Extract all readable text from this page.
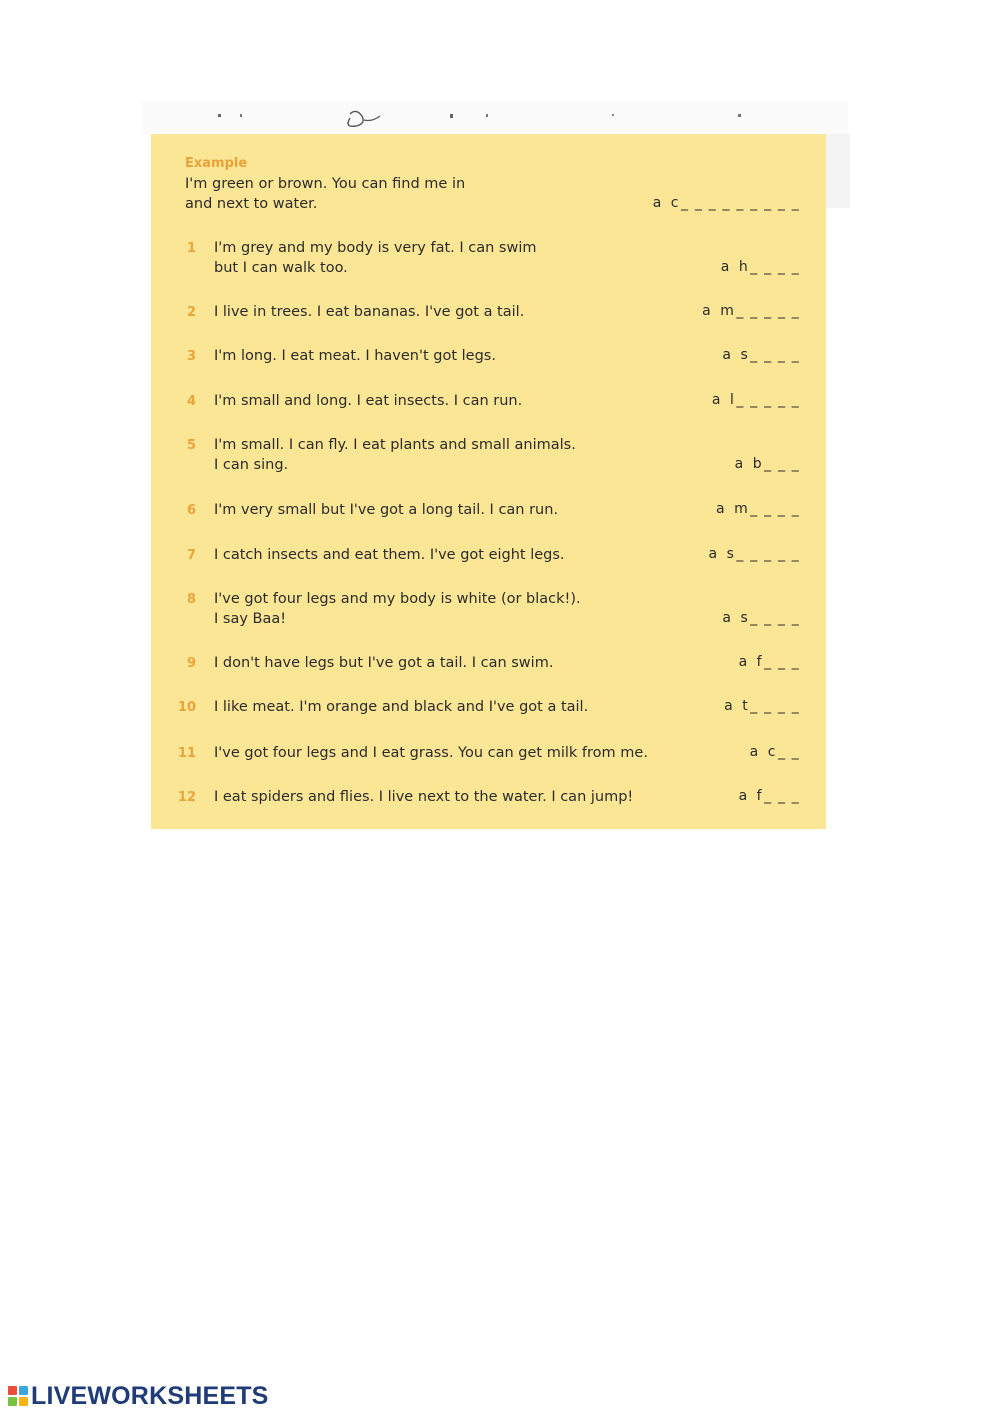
Example
I'm green or brown. You can find me in
and next to water.	a c _ _ _ _ _ _ _ _ _
1 I'm grey and my body is very fat. I can swim
but I can walk too.	a h _ _ _ _
2 I live in trees. I eat bananas. I've got a tail.	a m _ _ _ _ _
3 I'm long. I eat meat. I haven't got legs.	a s _ _ _ _
4 I'm small and long. I eat insects. I can run.	a l _ _ _ _ _
5 I'm small. I can fly. I eat plants and small animals.
I can sing.	a b _ _ _
6 I'm very small but I've got a long tail. I can run.	a m _ _ _ _
7 I catch insects and eat them. I've got eight legs.	a s _ _ _ _ _
8 I've got four legs and my body is white (or black!).
I say Baa!	a s _ _ _ _
9 I don't have legs but I've got a tail. I can swim.	a f _ _ _
10 I like meat. I'm orange and black and I've got a tail.	a t _ _ _ _
11 I've got four legs and I eat grass. You can get milk from me.	a c _ _
12 I eat spiders and flies. I live next to the water. I can jump!	a f _ _ _
LIVEWORKSHEETS
